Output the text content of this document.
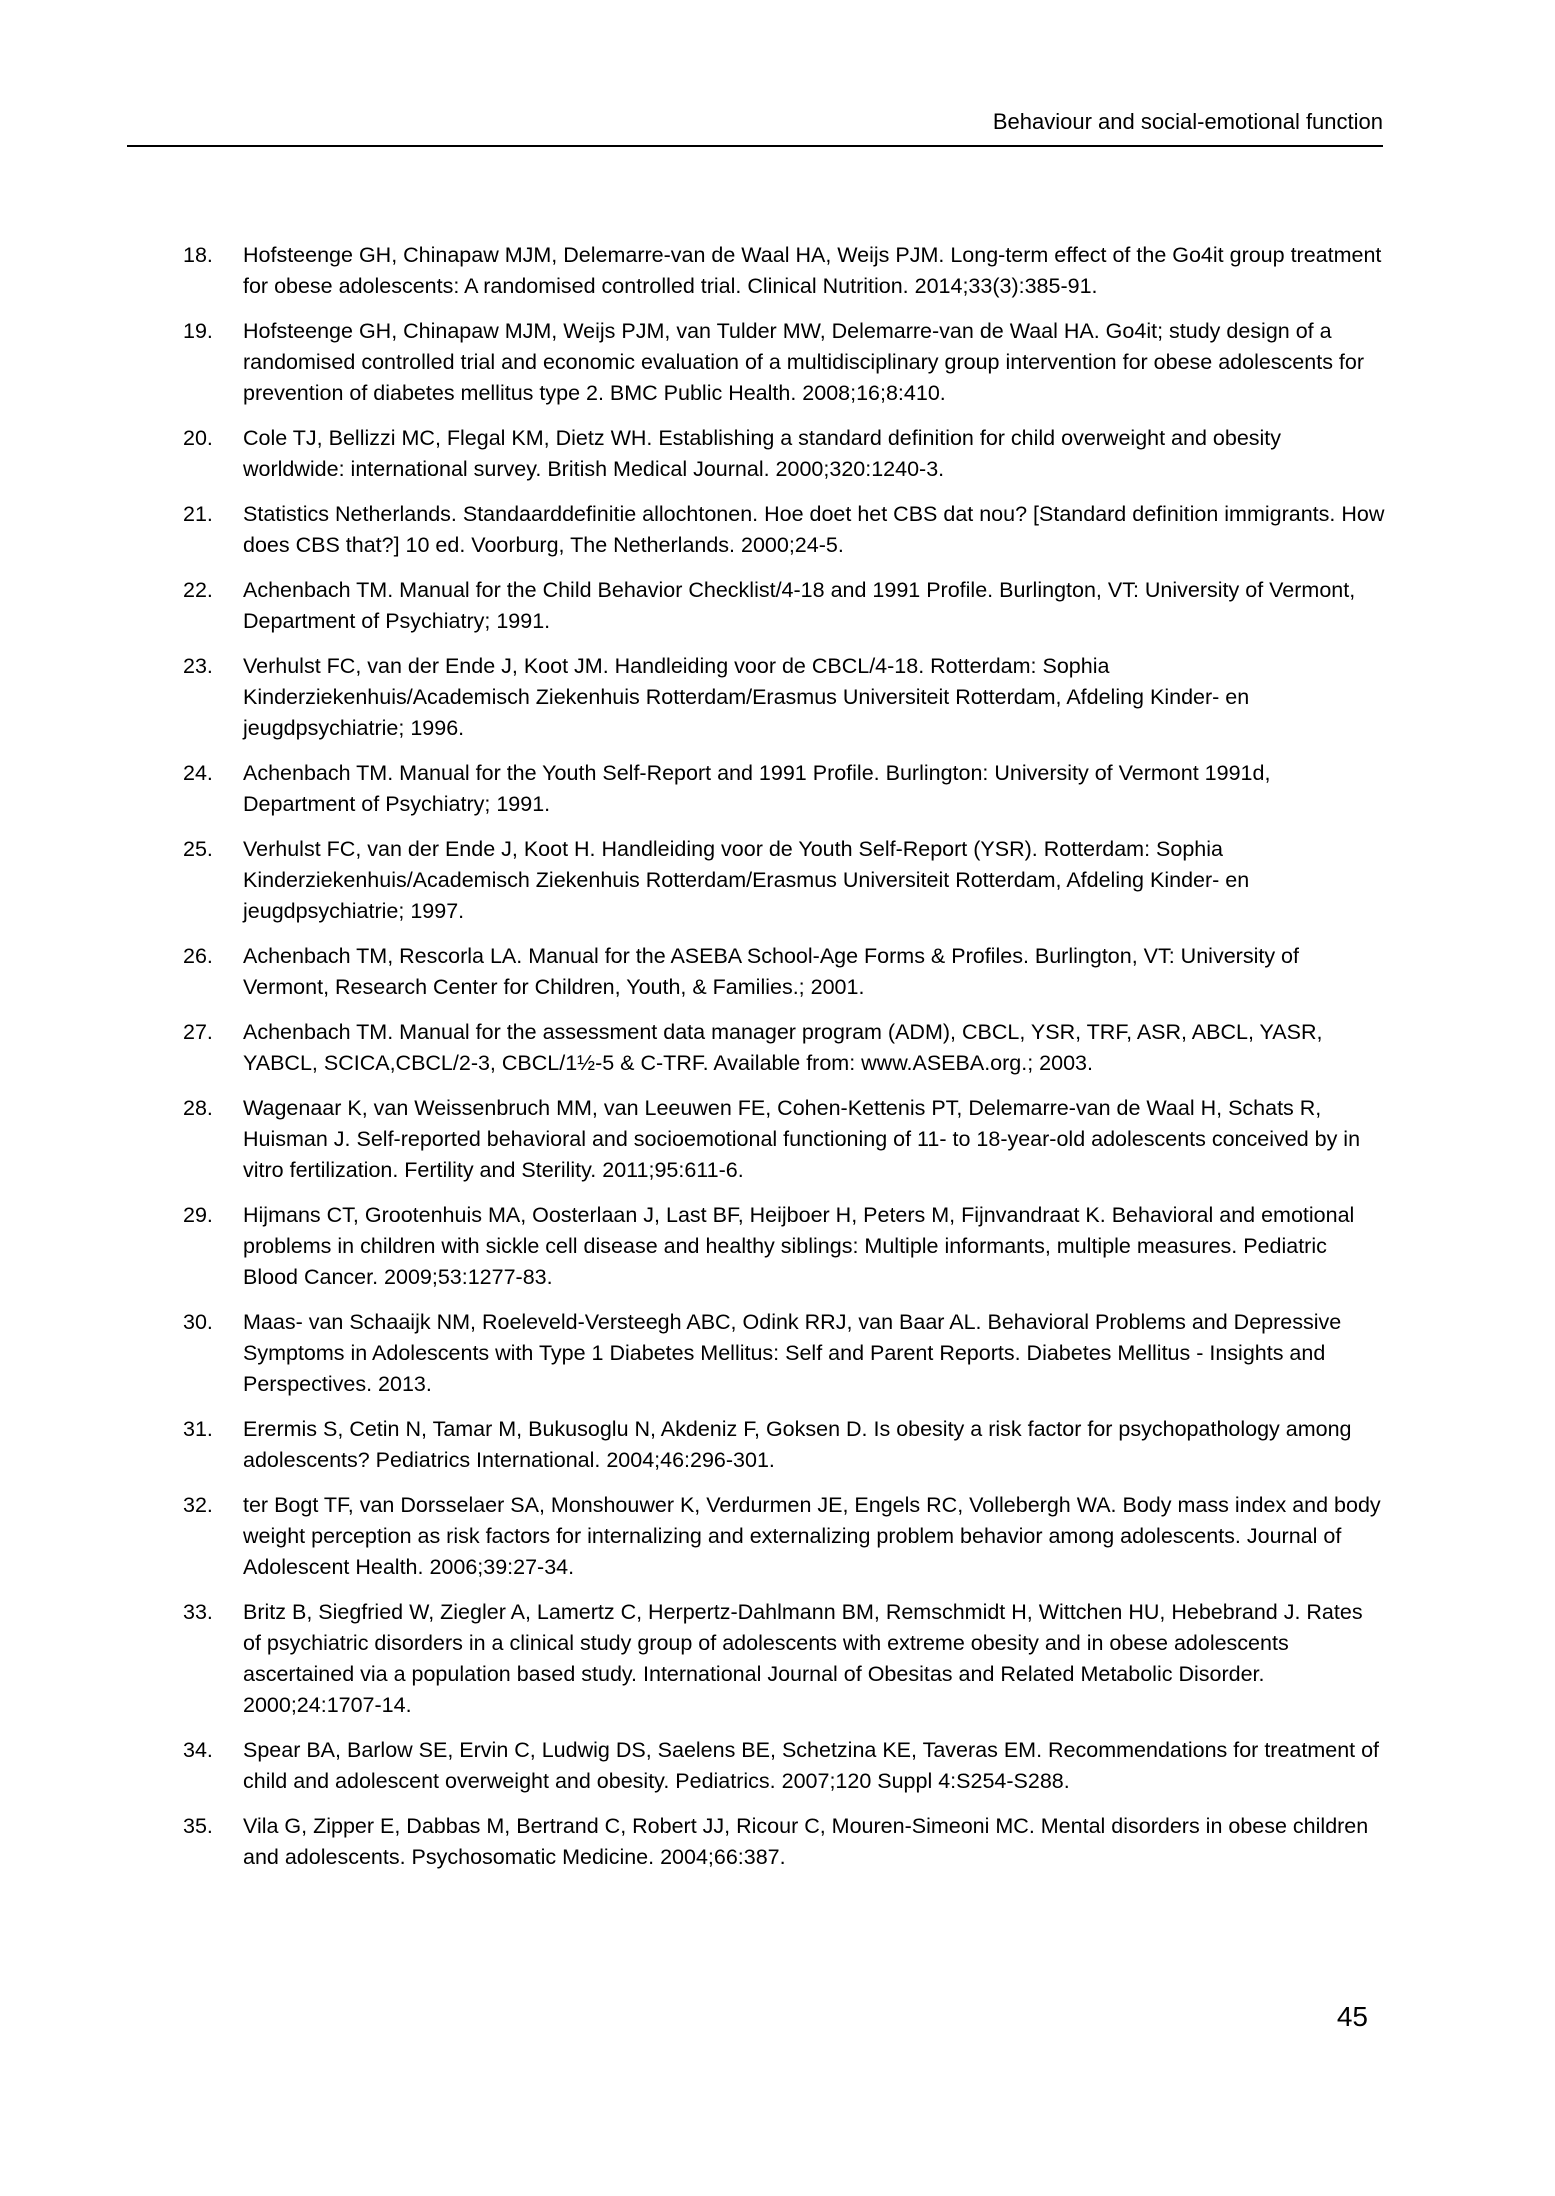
Behaviour and social-emotional function
18.	Hofsteenge GH, Chinapaw MJM, Delemarre-van de Waal HA, Weijs PJM. Long-term effect of the Go4it group treatment for obese adolescents: A randomised controlled trial. Clinical Nutrition. 2014;33(3):385-91.
19.	Hofsteenge GH, Chinapaw MJM, Weijs PJM, van Tulder MW, Delemarre-van de Waal HA. Go4it; study design of a randomised controlled trial and economic evaluation of a multidisciplinary group intervention for obese adolescents for prevention of diabetes mellitus type 2. BMC Public Health. 2008;16;8:410.
20.	Cole TJ, Bellizzi MC, Flegal KM, Dietz WH. Establishing a standard definition for child overweight and obesity worldwide: international survey. British Medical Journal. 2000;320:1240-3.
21.	Statistics Netherlands. Standaarddefinitie allochtonen. Hoe doet het CBS dat nou? [Standard definition immigrants. How does CBS that?] 10 ed. Voorburg, The Netherlands. 2000;24-5.
22.	Achenbach TM. Manual for the Child Behavior Checklist/4-18 and 1991 Profile. Burlington, VT: University of Vermont, Department of Psychiatry; 1991.
23.	Verhulst FC, van der Ende J, Koot JM. Handleiding voor de CBCL/4-18. Rotterdam: Sophia Kinderziekenhuis/Academisch Ziekenhuis Rotterdam/Erasmus Universiteit Rotterdam, Afdeling Kinder- en jeugdpsychiatrie; 1996.
24.	Achenbach TM. Manual for the Youth Self-Report and 1991 Profile. Burlington: University of Vermont 1991d, Department of Psychiatry; 1991.
25.	Verhulst FC, van der Ende J, Koot H. Handleiding voor de Youth Self-Report (YSR). Rotterdam: Sophia Kinderziekenhuis/Academisch Ziekenhuis Rotterdam/Erasmus Universiteit Rotterdam, Afdeling Kinder- en jeugdpsychiatrie; 1997.
26.	Achenbach TM, Rescorla LA. Manual for the ASEBA School-Age Forms & Profiles. Burlington, VT: University of Vermont, Research Center for Children, Youth, & Families.; 2001.
27.	Achenbach TM. Manual for the assessment data manager program (ADM), CBCL, YSR, TRF, ASR, ABCL, YASR, YABCL, SCICA,CBCL/2-3, CBCL/1½-5 & C-TRF. Available from: www.ASEBA.org.; 2003.
28.	Wagenaar K, van Weissenbruch MM, van Leeuwen FE, Cohen-Kettenis PT, Delemarre-van de Waal H, Schats R, Huisman J. Self-reported behavioral and socioemotional functioning of 11- to 18-year-old adolescents conceived by in vitro fertilization. Fertility and Sterility. 2011;95:611-6.
29.	Hijmans CT, Grootenhuis MA, Oosterlaan J, Last BF, Heijboer H, Peters M, Fijnvandraat K. Behavioral and emotional problems in children with sickle cell disease and healthy siblings: Multiple informants, multiple measures. Pediatric Blood Cancer. 2009;53:1277-83.
30.	Maas- van Schaaijk NM, Roeleveld-Versteegh ABC, Odink RRJ, van Baar AL. Behavioral Problems and Depressive Symptoms in Adolescents with Type 1 Diabetes Mellitus: Self and Parent Reports. Diabetes Mellitus - Insights and Perspectives. 2013.
31.	Erermis S, Cetin N, Tamar M, Bukusoglu N, Akdeniz F, Goksen D. Is obesity a risk factor for psychopathology among adolescents? Pediatrics International. 2004;46:296-301.
32.	ter Bogt TF, van Dorsselaer SA, Monshouwer K, Verdurmen JE, Engels RC, Vollebergh WA. Body mass index and body weight perception as risk factors for internalizing and externalizing problem behavior among adolescents. Journal of Adolescent Health. 2006;39:27-34.
33.	Britz B, Siegfried W, Ziegler A, Lamertz C, Herpertz-Dahlmann BM, Remschmidt H, Wittchen HU, Hebebrand J. Rates of psychiatric disorders in a clinical study group of adolescents with extreme obesity and in obese adolescents ascertained via a population based study. International Journal of Obesitas and Related Metabolic Disorder. 2000;24:1707-14.
34.	Spear BA, Barlow SE, Ervin C, Ludwig DS, Saelens BE, Schetzina KE, Taveras EM. Recommendations for treatment of child and adolescent overweight and obesity. Pediatrics. 2007;120 Suppl 4:S254-S288.
35.	Vila G, Zipper E, Dabbas M, Bertrand C, Robert JJ, Ricour C, Mouren-Simeoni MC. Mental disorders in obese children and adolescents. Psychosomatic Medicine. 2004;66:387.
45
